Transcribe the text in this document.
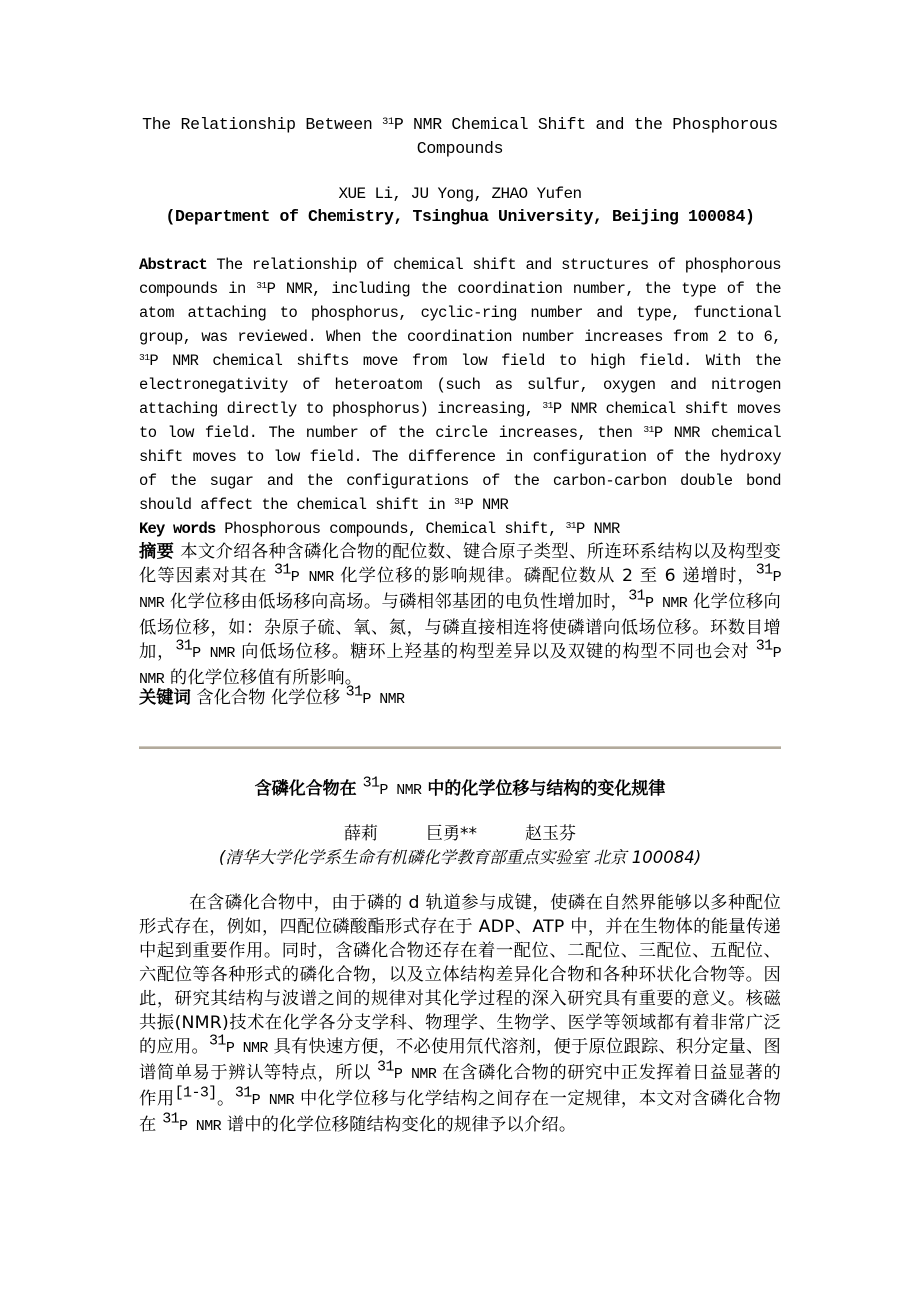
The Relationship Between $^{31}$P NMR Chemical Shift and the Phosphorous Compounds
XUE Li, JU Yong, ZHAO Yufen
(Department of Chemistry, Tsinghua University, Beijing 100084)
Abstract The relationship of chemical shift and structures of phosphorous compounds in $^{31}$P NMR, including the coordination number, the type of the atom attaching to phosphorus, cyclic-ring number and type, functional group, was reviewed. When the coordination number increases from 2 to 6, $^{31}$P NMR chemical shifts move from low field to high field. With the electronegativity of heteroatom (such as sulfur, oxygen and nitrogen attaching directly to phosphorus) increasing, $^{31}$P NMR chemical shift moves to low field. The number of the circle increases, then $^{31}$P NMR chemical shift moves to low field. The difference in configuration of the hydroxy of the sugar and the configurations of the carbon-carbon double bond should affect the chemical shift in $^{31}$P NMR
Key words Phosphorous compounds, Chemical shift, $^{31}$P NMR
摘要 本文介绍各种含磷化合物的配位数、键合原子类型、所连环系结构以及构型变化等因素对其在 $^{31}$P NMR 化学位移的影响规律。磷配位数从 2 至 6 递增时，$^{31}$P NMR 化学位移由低场移向高场。与磷相邻基团的电负性增加时，$^{31}$P NMR 化学位移向低场位移，如：杂原子硫、氧、氮，与磷直接相连将使磷谱向低场位移。环数目增加，$^{31}$P NMR 向低场位移。糖环上羟基的构型差异以及双键的构型不同也会对 $^{31}$P NMR 的化学位移值有所影响。
关键词 含化合物 化学位移 $^{31}$P NMR
含磷化合物在 $^{31}$P NMR 中的化学位移与结构的变化规律
薛莉	巨勇**	赵玉芬
(清华大学化学系生命有机磷化学教育部重点实验室 北京 100084)
在含磷化合物中，由于磷的 d 轨道参与成键，使磷在自然界能够以多种配位形式存在，例如，四配位磷酸酯形式存在于 ADP、ATP 中，并在生物体的能量传递中起到重要作用。同时，含磷化合物还存在着一配位、二配位、三配位、五配位、六配位等各种形式的磷化合物，以及立体结构差异化合物和各种环状化合物等。因此，研究其结构与波谱之间的规律对其化学过程的深入研究具有重要的意义。核磁共振(NMR)技术在化学各分支学科、物理学、生物学、医学等领域都有着非常广泛的应用。$^{31}$P NMR 具有快速方便，不必使用氘代溶剂，便于原位跟踪、积分定量、图谱简单易于辨认等特点，所以 $^{31}$P NMR 在含磷化合物的研究中正发挥着日益显著的作用[1-3]。$^{31}$P NMR 中化学位移与化学结构之间存在一定规律，本文对含磷化合物在 $^{31}$P NMR 谱中的化学位移随结构变化的规律予以介绍。
